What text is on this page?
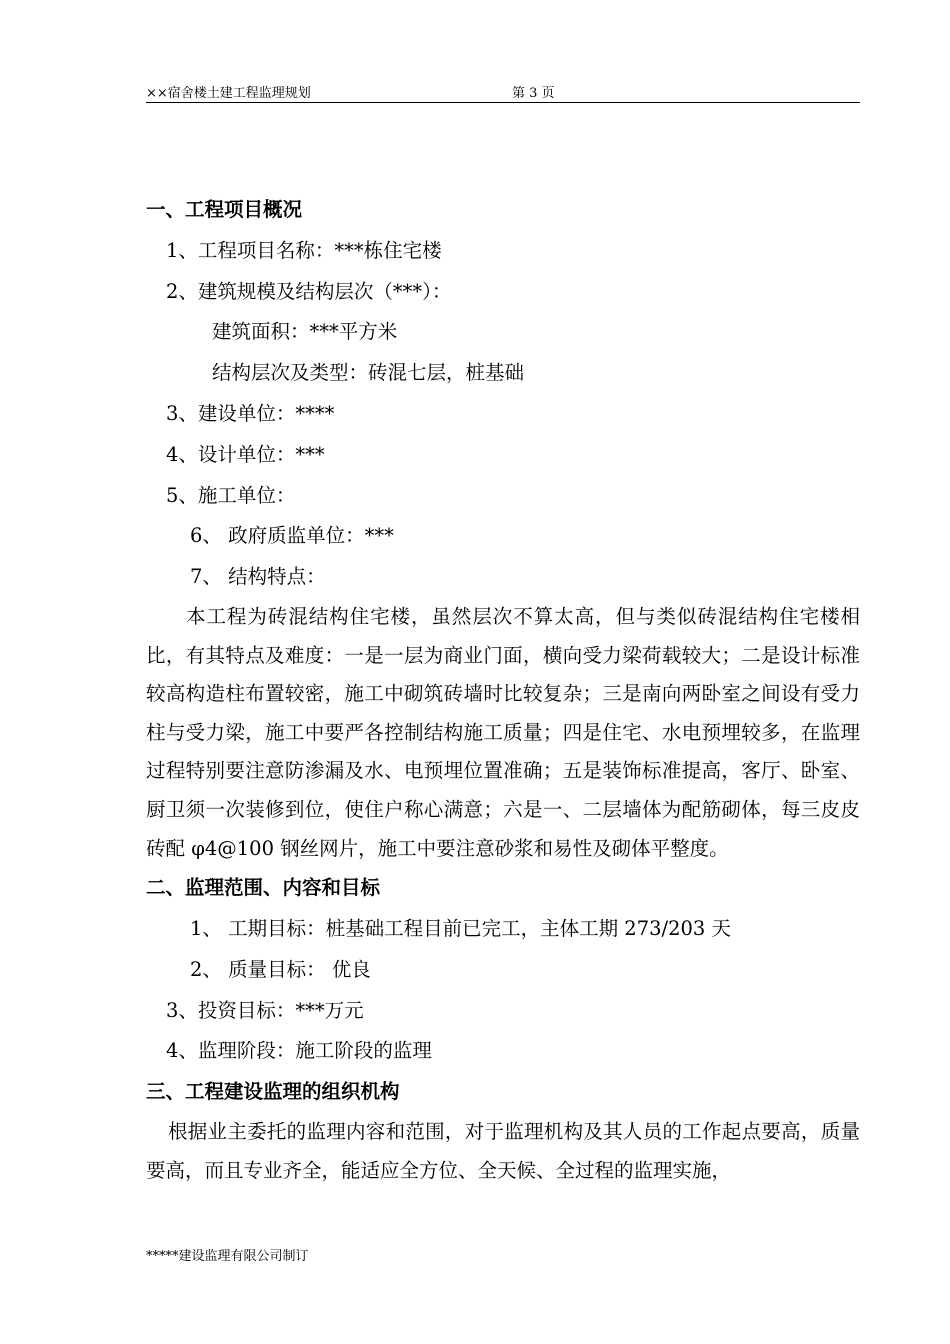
××宿舍楼土建工程监理规划	第 3 页
一、工程项目概况
1、工程项目名称：***栋住宅楼
2、建筑规模及结构层次（***）：
建筑面积：***平方米
结构层次及类型：砖混七层，桩基础
3、建设单位：****
4、设计单位：***
5、施工单位：
6、 政府质监单位：***
7、 结构特点：

本工程为砖混结构住宅楼，虽然层次不算太高，但与类似砖混结构住宅楼相比，有其特点及难度：一是一层为商业门面，横向受力梁荷载较大；二是设计标准较高构造柱布置较密，施工中砌筑砖墙时比较复杂；三是南向两卧室之间设有受力柱与受力梁，施工中要严各控制结构施工质量；四是住宅、水电预埋较多，在监理过程特别要注意防渗漏及水、电预埋位置准确；五是装饰标准提高，客厅、卧室、厨卫须一次装修到位，使住户称心满意；六是一、二层墙体为配筋砌体，每三皮皮砖配 φ4@100 钢丝网片，施工中要注意砂浆和易性及砌体平整度。

二、监理范围、内容和目标
1、 工期目标：桩基础工程目前已完工，主体工期 273/203 天
2、 质量目标： 优良
3、投资目标：***万元
4、监理阶段：施工阶段的监理
三、工程建设监理的组织机构

根据业主委托的监理内容和范围，对于监理机构及其人员的工作起点要高，质量要高，而且专业齐全，能适应全方位、全天候、全过程的监理实施，

*****建设监理有限公司制订
